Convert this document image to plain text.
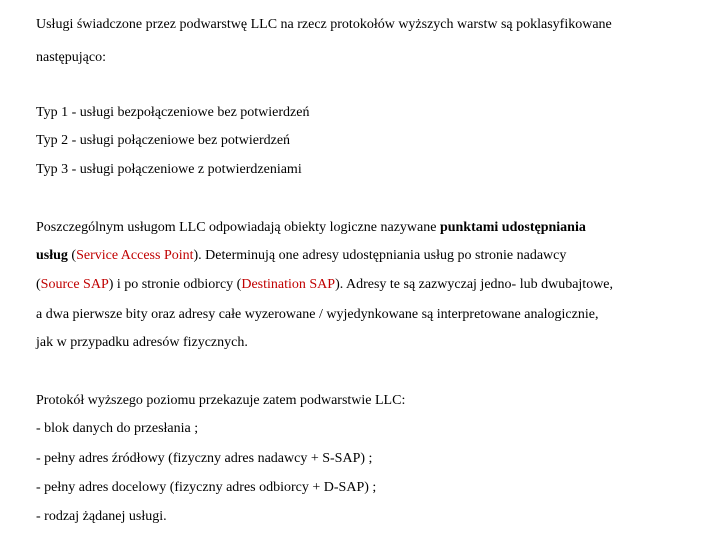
Usługi świadczone przez podwarstwę LLC na rzecz protokołów wyższych warstw są poklasyfikowane
następująco:
Typ 1 - usługi bezpołączeniowe bez potwierdzeń
Typ 2 - usługi połączeniowe bez potwierdzeń
Typ 3 - usługi połączeniowe z potwierdzeniami
Poszczególnym usługom LLC odpowiadają obiekty logiczne nazywane punktami udostępniania
usług (Service Access Point). Determinują one adresy udostępniania usług po stronie nadawcy
(Source SAP) i po stronie odbiorcy (Destination SAP). Adresy te są zazwyczaj jedno- lub dwubajtowe,
a dwa pierwsze bity oraz adresy całe wyzerowane / wyjedynkowane są interpretowane analogicznie,
jak w przypadku adresów fizycznych.
Protokół wyższego poziomu przekazuje zatem podwarstwie LLC:
- blok danych do przesłania ;
- pełny adres źródłowy (fizyczny adres nadawcy + S-SAP) ;
- pełny adres docelowy (fizyczny adres odbiorcy + D-SAP) ;
- rodzaj żądanej usługi.
